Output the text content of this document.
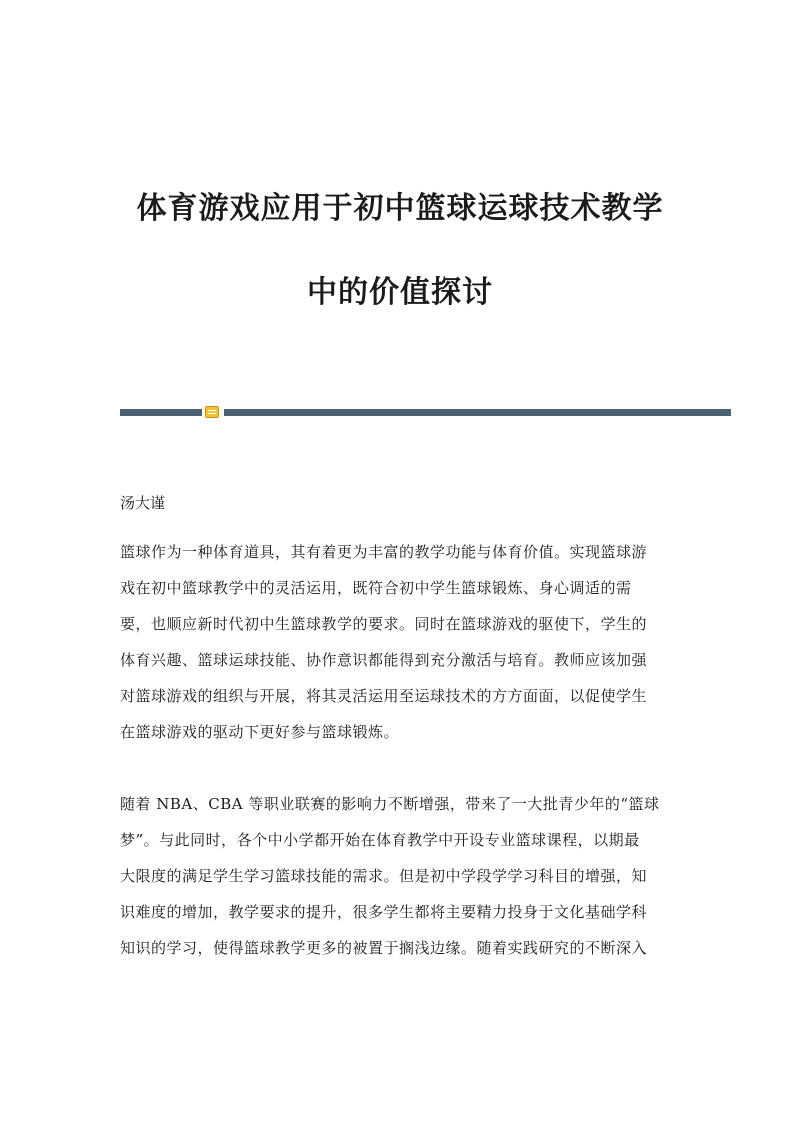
体育游戏应用于初中篮球运球技术教学
中的价值探讨

汤大谨

篮球作为一种体育道具，其有着更为丰富的教学功能与体育价值。实现篮球游
戏在初中篮球教学中的灵活运用，既符合初中学生篮球锻炼、身心调适的需
要，也顺应新时代初中生篮球教学的要求。同时在篮球游戏的驱使下，学生的
体育兴趣、篮球运球技能、协作意识都能得到充分激活与培育。教师应该加强
对篮球游戏的组织与开展，将其灵活运用至运球技术的方方面面，以促使学生
在篮球游戏的驱动下更好参与篮球锻炼。

随着 NBA、CBA 等职业联赛的影响力不断增强，带来了一大批青少年的“篮球
梦”。与此同时，各个中小学都开始在体育教学中开设专业篮球课程，以期最
大限度的满足学生学习篮球技能的需求。但是初中学段学学习科目的增强，知
识难度的增加，教学要求的提升，很多学生都将主要精力投身于文化基础学科
知识的学习，使得篮球教学更多的被置于搁浅边缘。随着实践研究的不断深入
